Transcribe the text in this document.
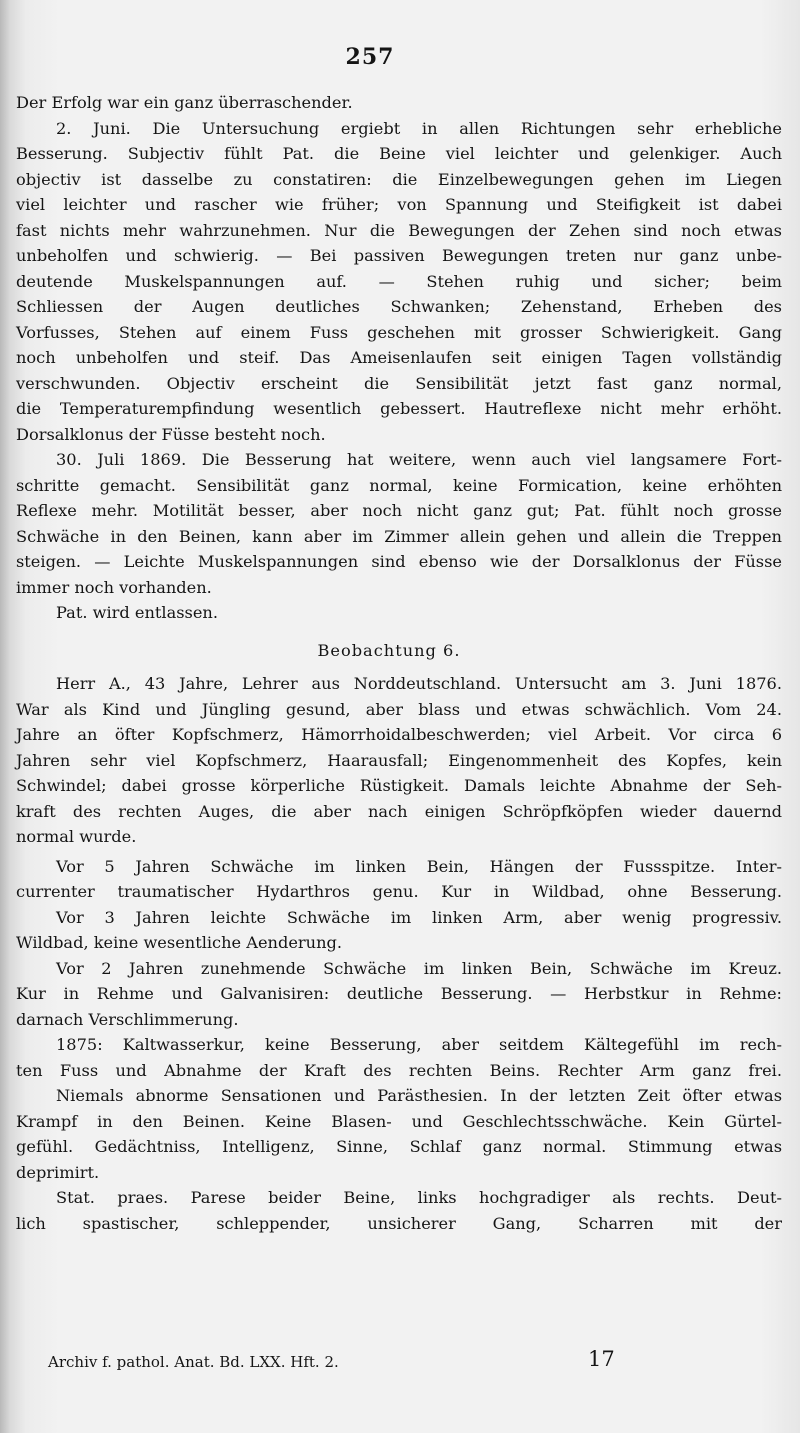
257
Der Erfolg war ein ganz überraschender.
2. Juni. Die Untersuchung ergiebt in allen Richtungen sehr erhebliche
Besserung. Subjectiv fühlt Pat. die Beine viel leichter und gelenkiger. Auch
objectiv ist dasselbe zu constatiren: die Einzelbewegungen gehen im Liegen
viel leichter und rascher wie früher; von Spannung und Steifigkeit ist dabei
fast nichts mehr wahrzunehmen. Nur die Bewegungen der Zehen sind noch etwas
unbeholfen und schwierig. — Bei passiven Bewegungen treten nur ganz unbe-
deutende Muskelspannungen auf. — Stehen ruhig und sicher; beim
Schliessen der Augen deutliches Schwanken; Zehenstand, Erheben des
Vorfusses, Stehen auf einem Fuss geschehen mit grosser Schwierigkeit. Gang
noch unbeholfen und steif. Das Ameisenlaufen seit einigen Tagen vollständig
verschwunden. Objectiv erscheint die Sensibilität jetzt fast ganz normal,
die Temperaturempfindung wesentlich gebessert. Hautreflexe nicht mehr erhöht.
Dorsalklonus der Füsse besteht noch.
30. Juli 1869. Die Besserung hat weitere, wenn auch viel langsamere Fort-
schritte gemacht. Sensibilität ganz normal, keine Formication, keine erhöhten
Reflexe mehr. Motilität besser, aber noch nicht ganz gut; Pat. fühlt noch grosse
Schwäche in den Beinen, kann aber im Zimmer allein gehen und allein die Treppen
steigen. — Leichte Muskelspannungen sind ebenso wie der Dorsalklonus der Füsse
immer noch vorhanden.
Pat. wird entlassen.
Beobachtung 6.
Herr A., 43 Jahre, Lehrer aus Norddeutschland. Untersucht am 3. Juni 1876.
War als Kind und Jüngling gesund, aber blass und etwas schwächlich. Vom 24.
Jahre an öfter Kopfschmerz, Hämorrhoidalbeschwerden; viel Arbeit. Vor circa 6
Jahren sehr viel Kopfschmerz, Haarausfall; Eingenommenheit des Kopfes, kein
Schwindel; dabei grosse körperliche Rüstigkeit. Damals leichte Abnahme der Seh-
kraft des rechten Auges, die aber nach einigen Schröpfköpfen wieder dauernd
normal wurde.
Vor 5 Jahren Schwäche im linken Bein, Hängen der Fussspitze. Inter-
currenter traumatischer Hydarthros genu. Kur in Wildbad, ohne Besserung.
Vor 3 Jahren leichte Schwäche im linken Arm, aber wenig progressiv.
Wildbad, keine wesentliche Aenderung.
Vor 2 Jahren zunehmende Schwäche im linken Bein, Schwäche im Kreuz.
Kur in Rehme und Galvanisiren: deutliche Besserung. — Herbstkur in Rehme:
darnach Verschlimmerung.
1875: Kaltwasserkur, keine Besserung, aber seitdem Kältegefühl im rech-
ten Fuss und Abnahme der Kraft des rechten Beins. Rechter Arm ganz frei.
Niemals abnorme Sensationen und Parästhesien. In der letzten Zeit öfter etwas
Krampf in den Beinen. Keine Blasen- und Geschlechtsschwäche. Kein Gürtel-
gefühl. Gedächtniss, Intelligenz, Sinne, Schlaf ganz normal. Stimmung etwas
deprimirt.
Stat. praes. Parese beider Beine, links hochgradiger als rechts. Deut-
lich spastischer, schleppender, unsicherer Gang, Scharren mit der
Archiv f. pathol. Anat. Bd. LXX. Hft. 2.	17
